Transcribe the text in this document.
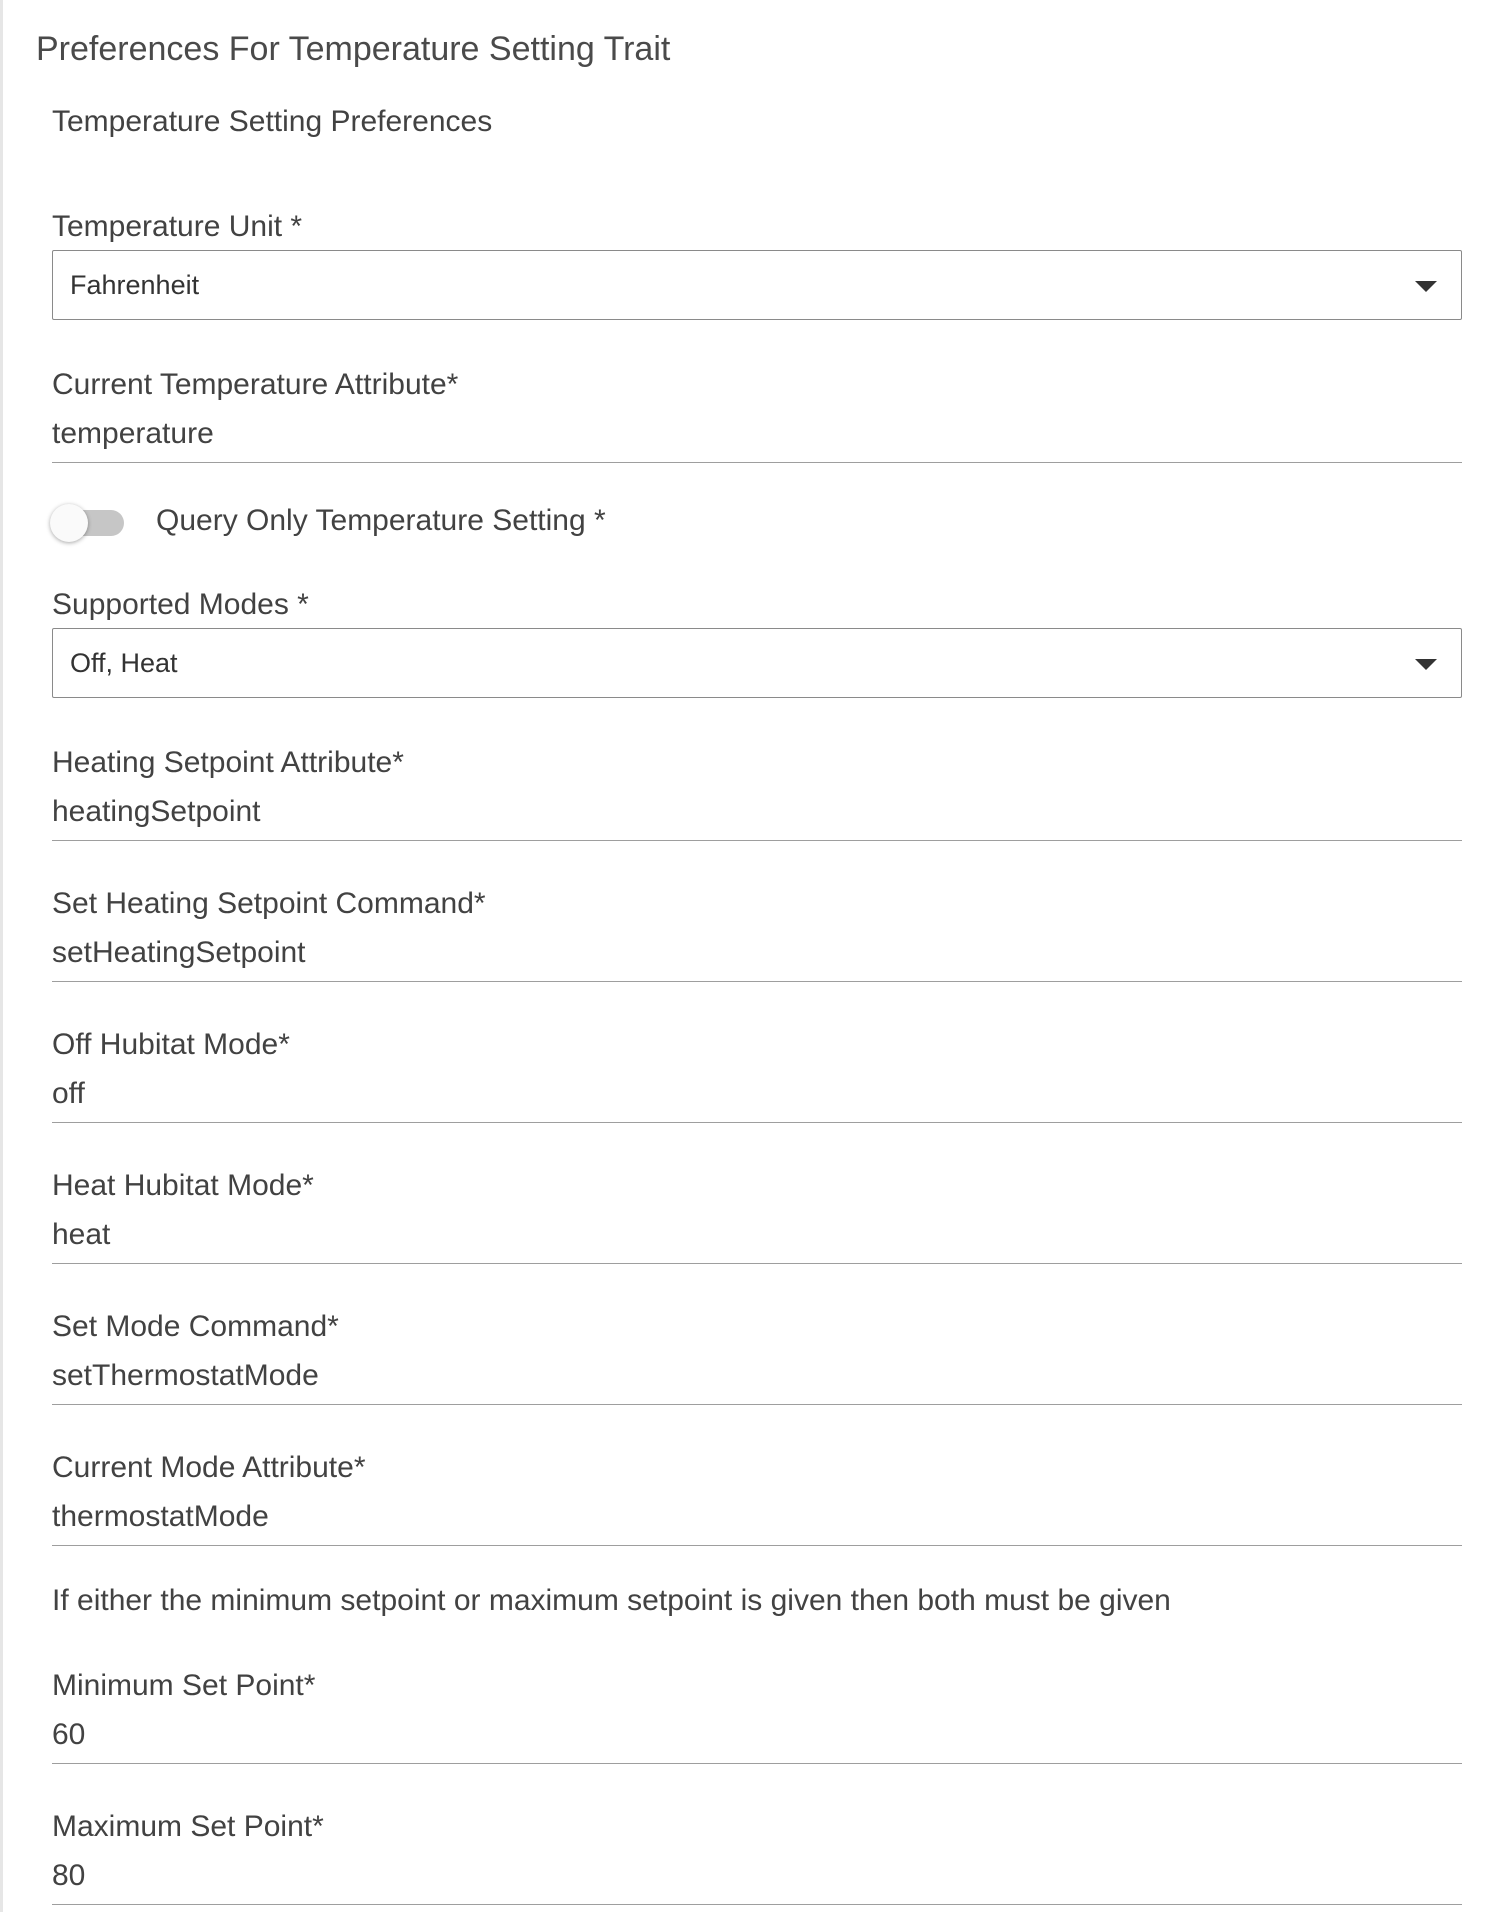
Preferences For Temperature Setting Trait
Temperature Setting Preferences
Temperature Unit *
Fahrenheit
Current Temperature Attribute*
temperature
Query Only Temperature Setting *
Supported Modes *
Off, Heat
Heating Setpoint Attribute*
heatingSetpoint
Set Heating Setpoint Command*
setHeatingSetpoint
Off Hubitat Mode*
off
Heat Hubitat Mode*
heat
Set Mode Command*
setThermostatMode
Current Mode Attribute*
thermostatMode
If either the minimum setpoint or maximum setpoint is given then both must be given
Minimum Set Point*
60
Maximum Set Point*
80
